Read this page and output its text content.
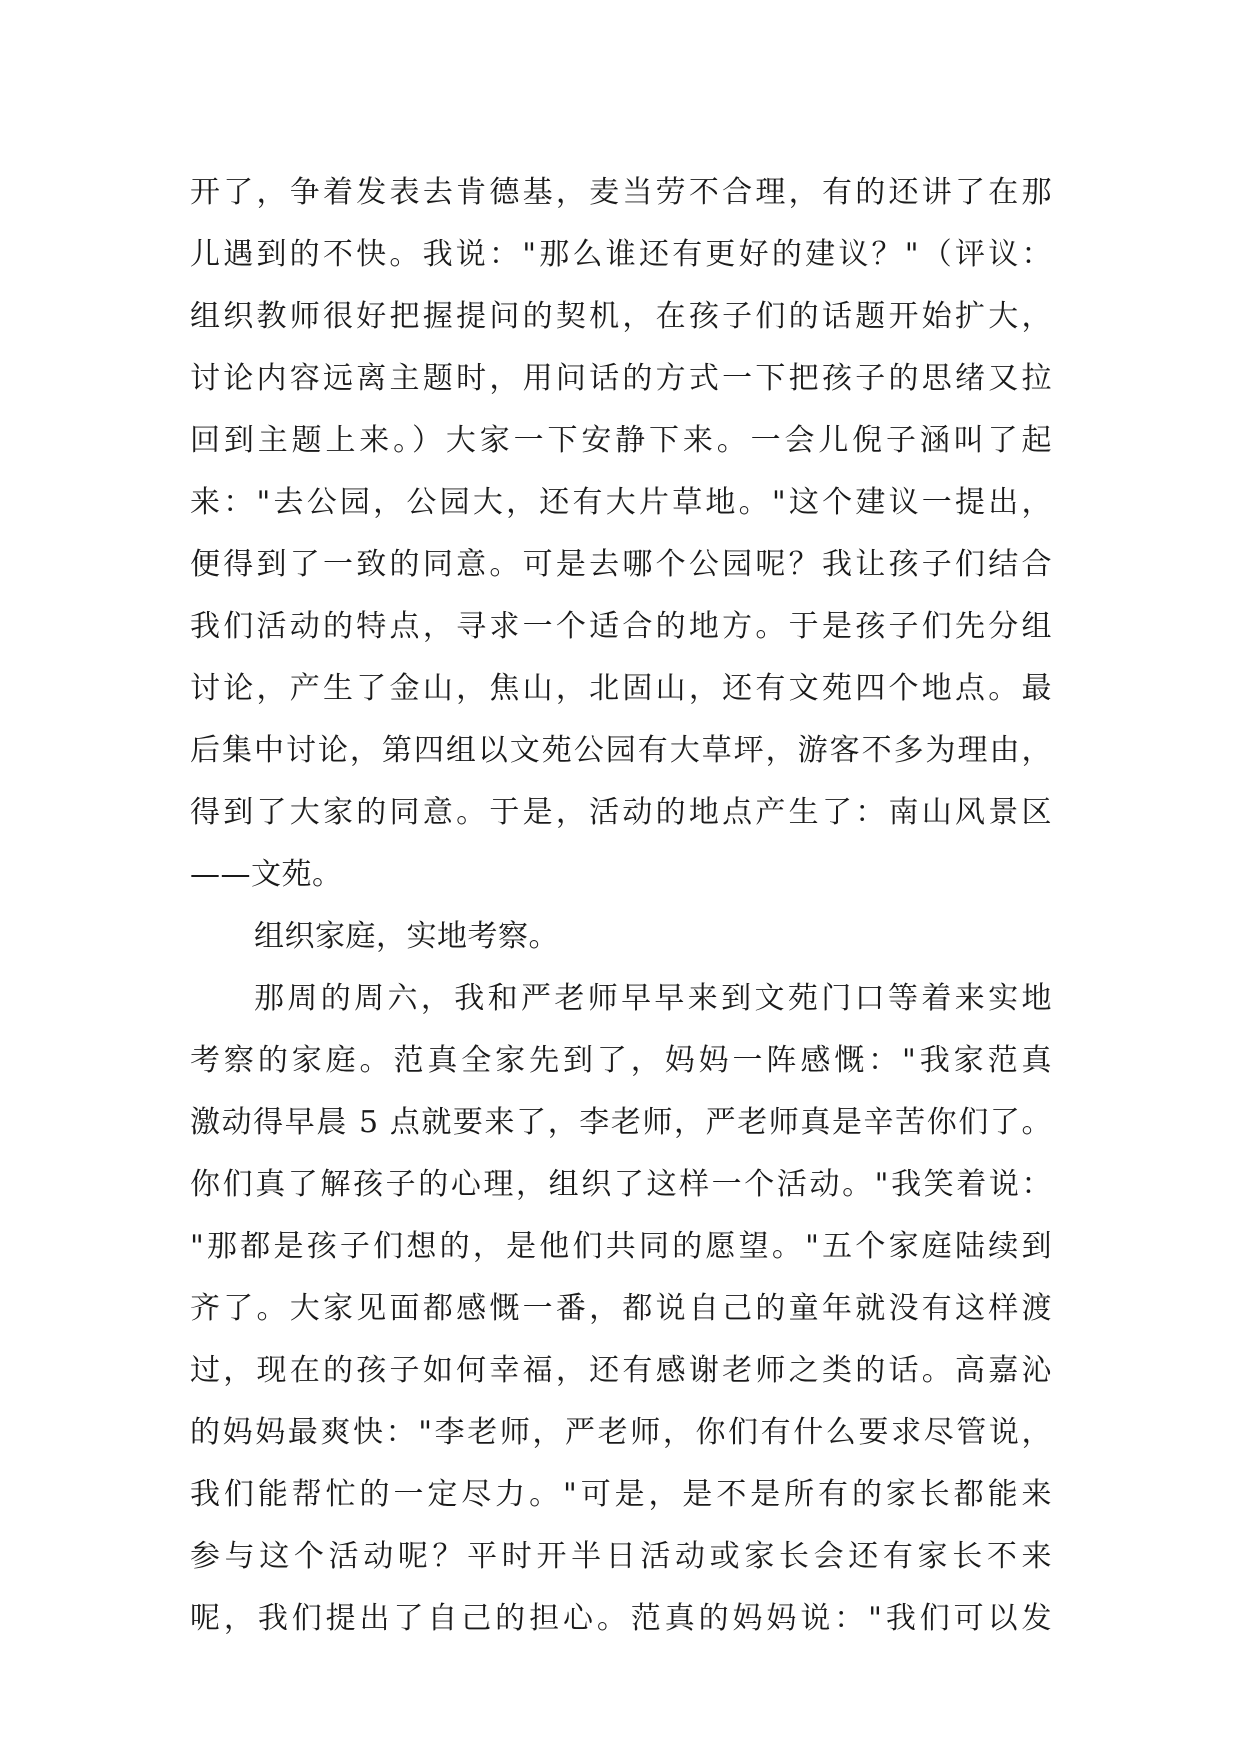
开了，争着发表去肯德基，麦当劳不合理，有的还讲了在那
儿遇到的不快。我说："那么谁还有更好的建议？"（评议：
组织教师很好把握提问的契机，在孩子们的话题开始扩大，
讨论内容远离主题时，用问话的方式一下把孩子的思绪又拉
回到主题上来。）大家一下安静下来。一会儿倪子涵叫了起
来："去公园，公园大，还有大片草地。"这个建议一提出，
便得到了一致的同意。可是去哪个公园呢？我让孩子们结合
我们活动的特点，寻求一个适合的地方。于是孩子们先分组
讨论，产生了金山，焦山，北固山，还有文苑四个地点。最
后集中讨论，第四组以文苑公园有大草坪，游客不多为理由，
得到了大家的同意。于是，活动的地点产生了：南山风景区
——文苑。
组织家庭，实地考察。
那周的周六，我和严老师早早来到文苑门口等着来实地
考察的家庭。范真全家先到了，妈妈一阵感慨："我家范真
激动得早晨 5 点就要来了，李老师，严老师真是辛苦你们了。
你们真了解孩子的心理，组织了这样一个活动。"我笑着说：
"那都是孩子们想的，是他们共同的愿望。"五个家庭陆续到
齐了。大家见面都感慨一番，都说自己的童年就没有这样渡
过，现在的孩子如何幸福，还有感谢老师之类的话。高嘉沁
的妈妈最爽快："李老师，严老师，你们有什么要求尽管说，
我们能帮忙的一定尽力。"可是，是不是所有的家长都能来
参与这个活动呢？平时开半日活动或家长会还有家长不来
呢，我们提出了自己的担心。范真的妈妈说："我们可以发
